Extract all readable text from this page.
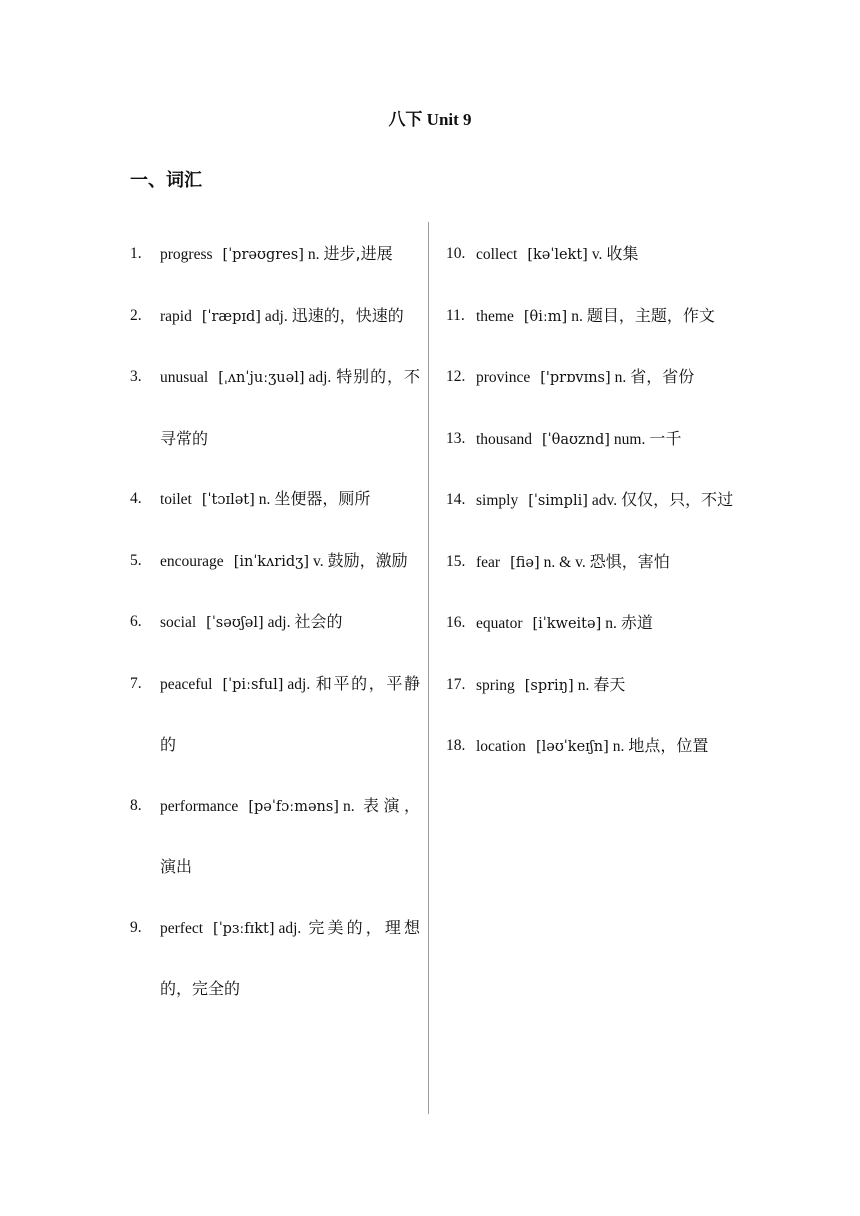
八下 Unit 9
一、词汇
1.	progress [ˈprəʊgres] n. 进步,进展
2.	rapid [ˈræpɪd] adj. 迅速的，快速的
3.	unusual [ˌʌnˈjuːʒuəl] adj. 特别的，不寻常的
4.	toilet [ˈtɔɪlət] n. 坐便器，厕所
5.	encourage [inˈkʌridʒ] v. 鼓励，激励
6.	social [ˈsəʊʃəl] adj. 社会的
7.	peaceful [ˈpiːsful] adj. 和平的，平静的
8.	performance [pəˈfɔːməns] n. 表演，演出
9.	perfect [ˈpɜːfɪkt] adj. 完美的，理想的，完全的
10. collect [kəˈlekt] v. 收集
11. theme [θiːm] n. 题目，主题，作文
12. province ['prɒvɪns] n. 省，省份
13. thousand [ˈθaʊznd] num. 一千
14. simply [ˈsimpli] adv. 仅仅，只，不过
15. fear [fiə] n. & v. 恐惧，害怕
16. equator [iˈkweitə] n. 赤道
17. spring [spriŋ] n. 春天
18. location [ləʊˈkeɪʃn] n. 地点，位置
